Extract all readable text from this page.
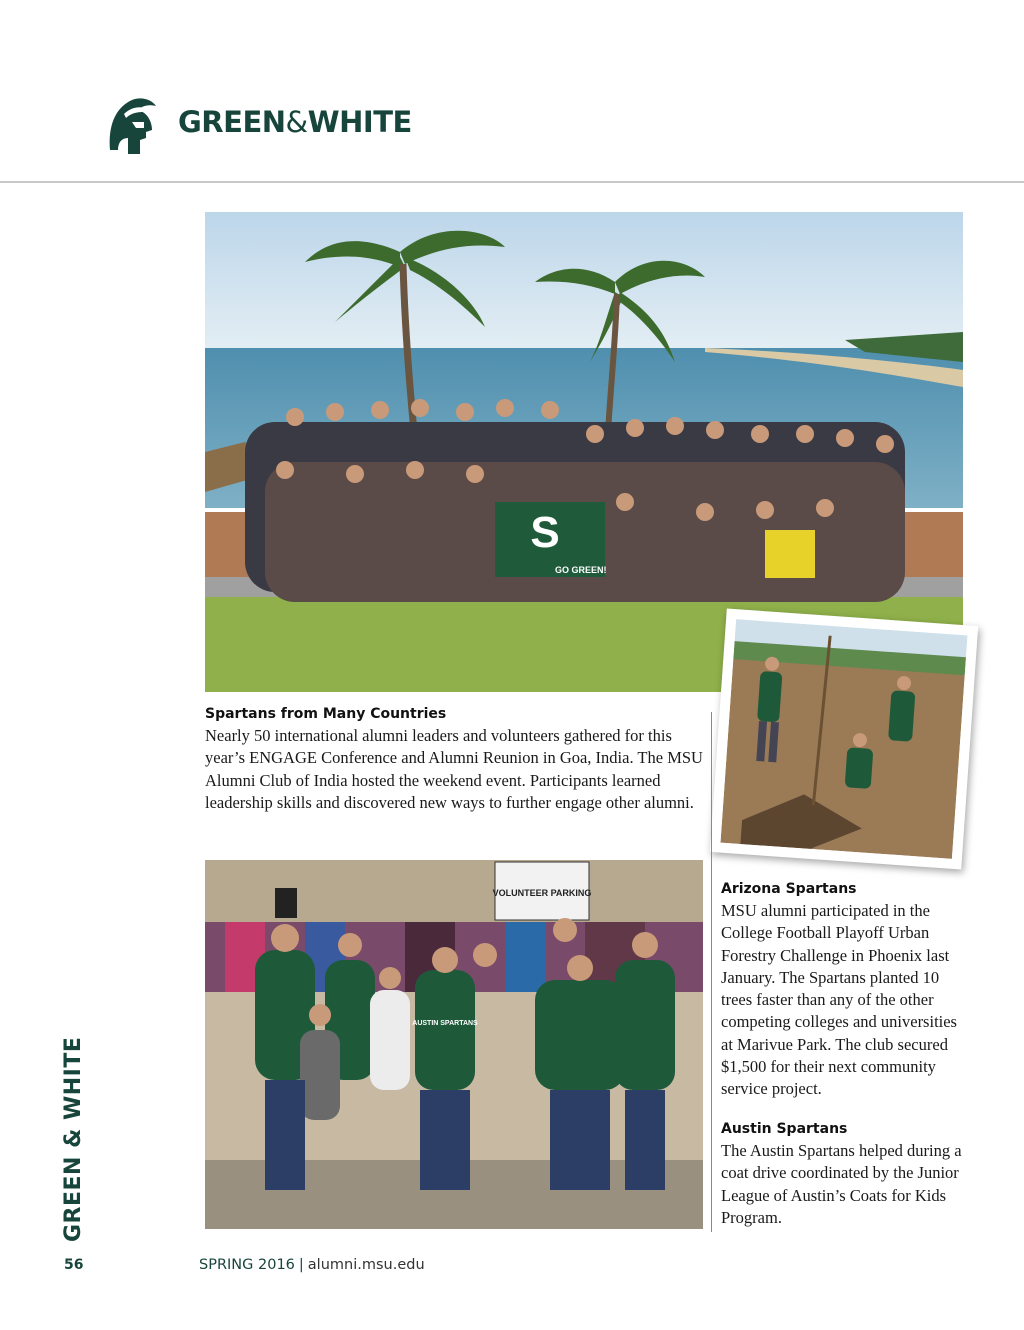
GREEN&WHITE
S
GO GREEN!
VOLUNTEER PARKING
AUSTIN SPARTANS
Spartans from Many Countries
Nearly 50 international alumni leaders and volunteers gathered for this year’s ENGAGE Conference and Alumni Reunion in Goa, India. The MSU Alumni Club of India hosted the weekend event. Participants learned leadership skills and discovered new ways to further engage other alumni.
Arizona Spartans
MSU alumni participated in the College Football Playoff Urban Forestry Challenge in Phoenix last January. The Spartans planted 10 trees faster than any of the other competing colleges and universities at Marivue Park. The club secured $1,500 for their next community service project.
Austin Spartans
The Austin Spartans helped during a coat drive coordinated by the Junior League of Austin’s Coats for Kids Program.
GREEN & WHITE
56	SPRING 2016 | alumni.msu.edu
